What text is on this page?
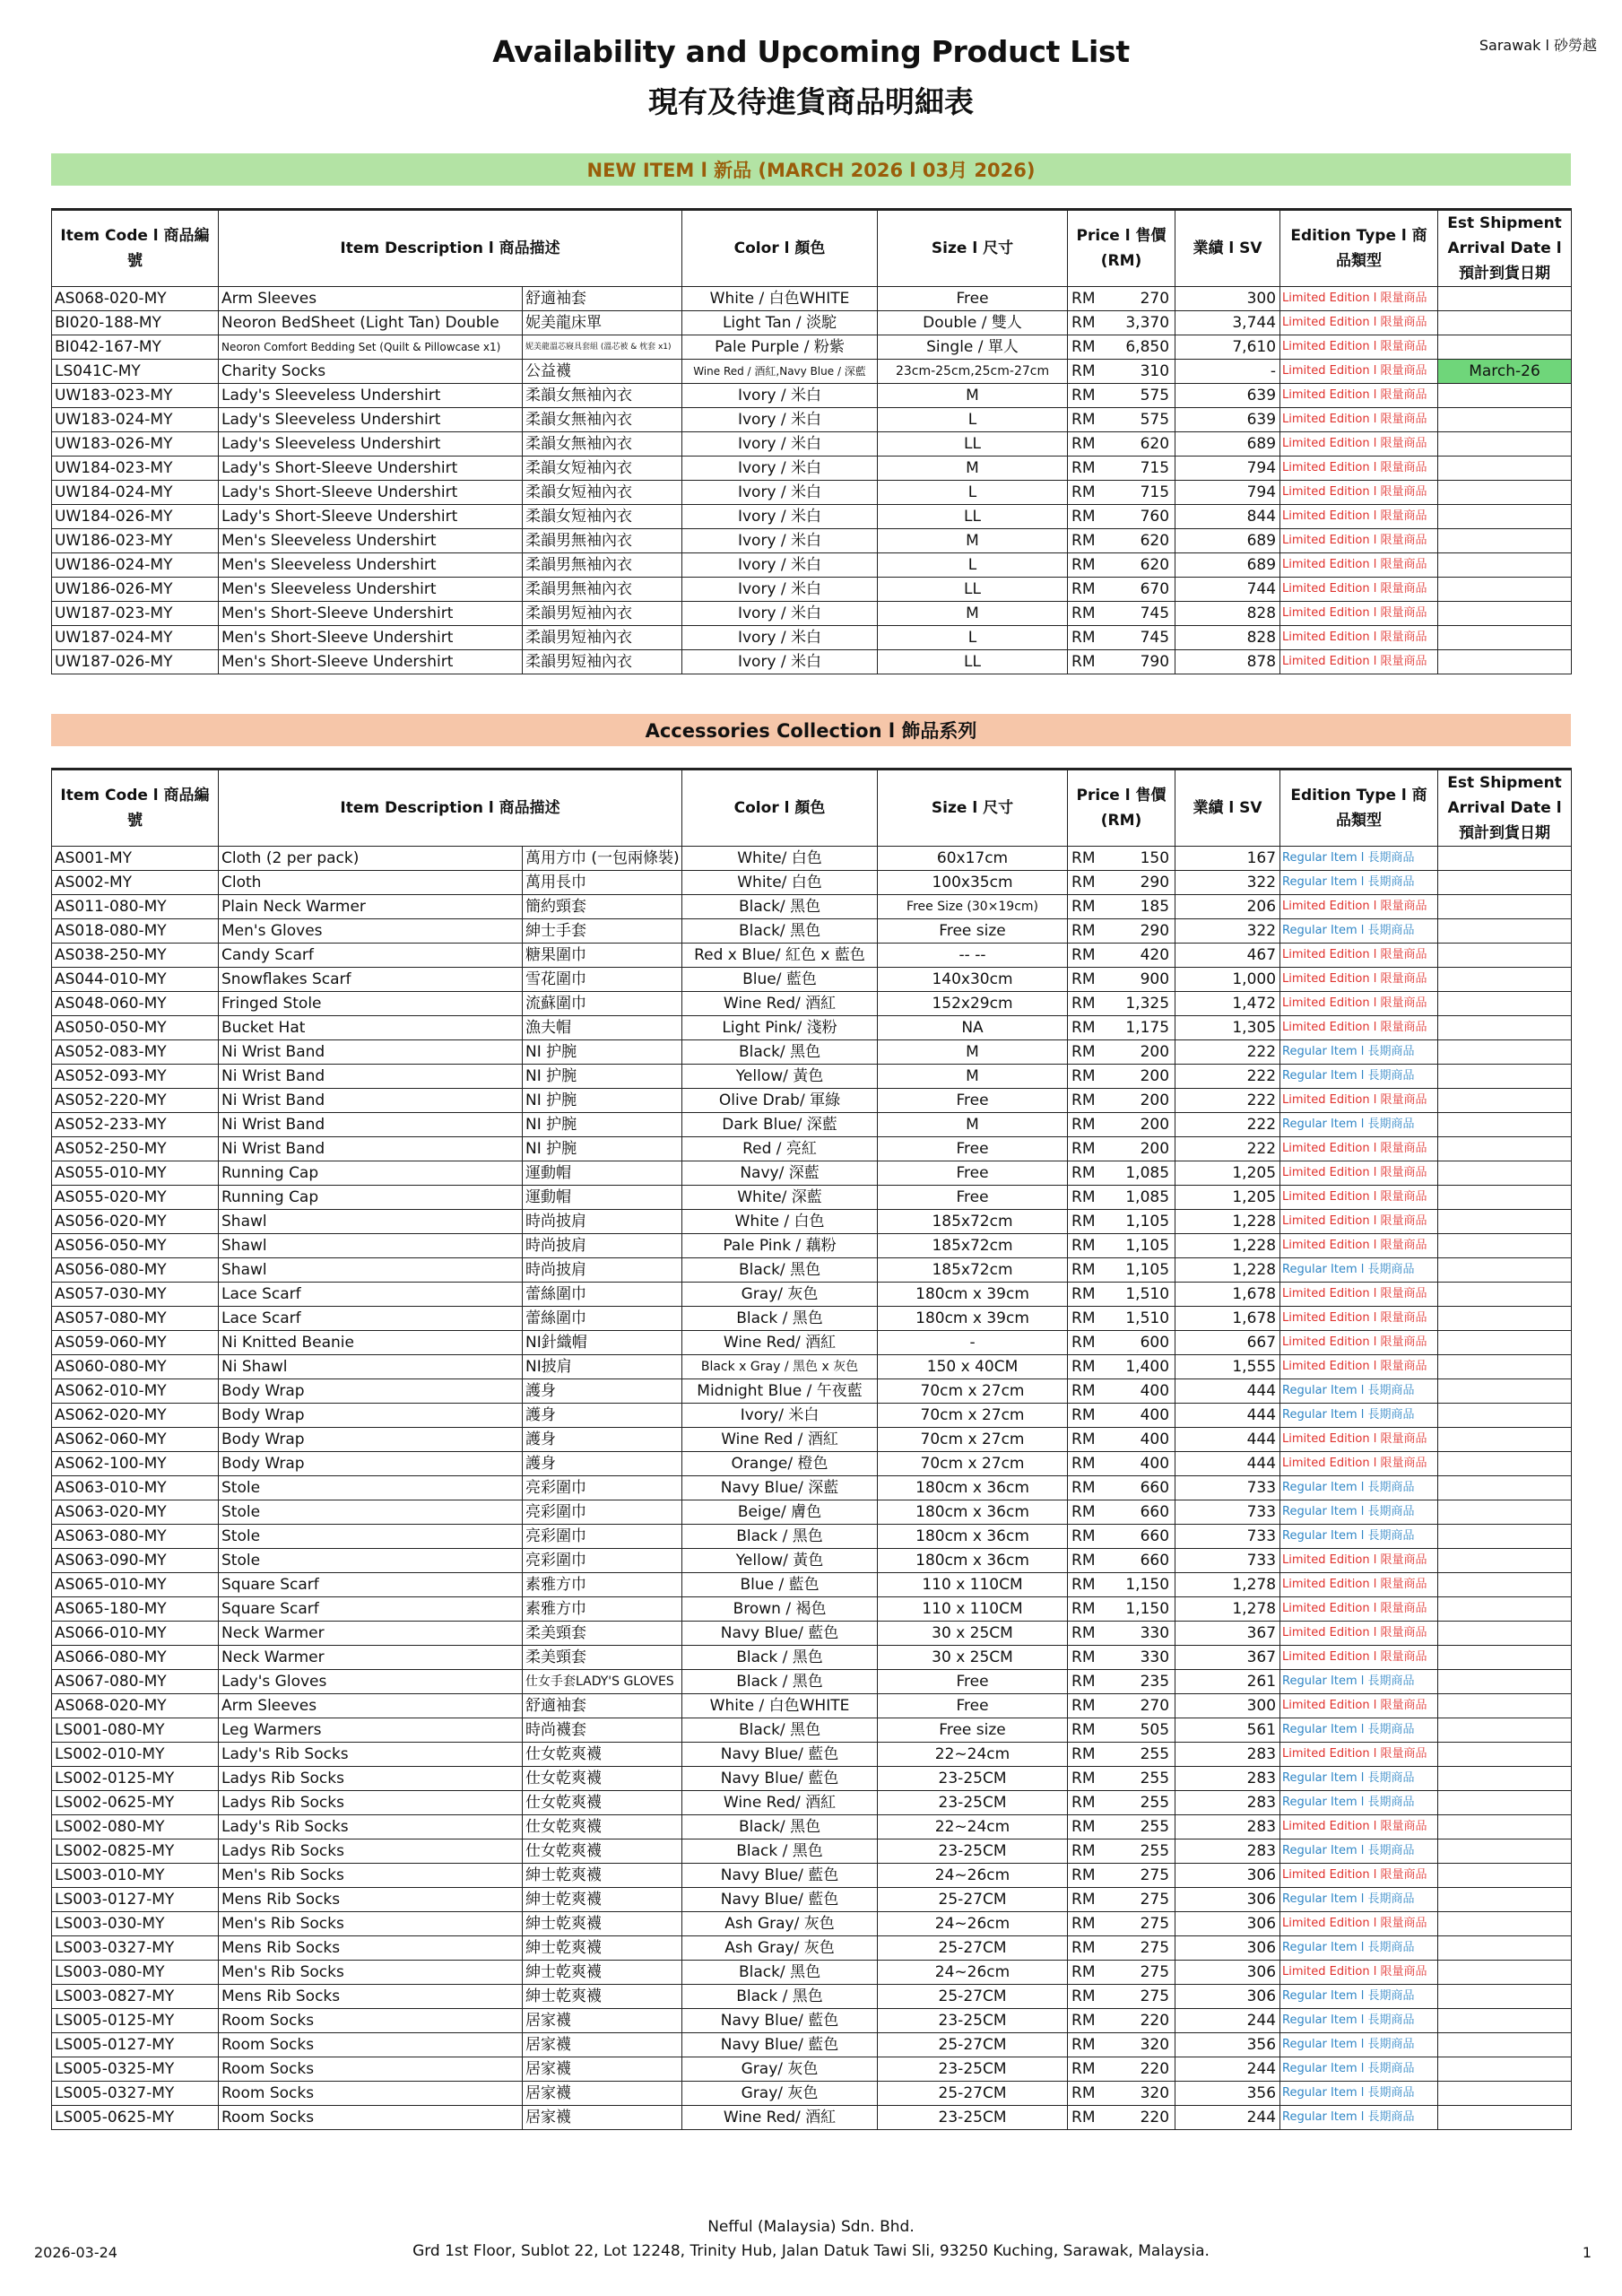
Availability and Upcoming Product List
現有及待進貨商品明細表
Sarawak l 砂勞越
NEW ITEM l 新品 (MARCH 2026 l 03月 2026)
Item Code l 商品編號	Item Description l 商品描述		Color l 顏色	Size l 尺寸	Price l 售價 (RM)	業績 l SV	Edition Type l 商品類型	Est Shipment Arrival Date l 預計到貨日期
AS068-020-MY	Arm Sleeves	舒適袖套	White / 白色WHITE	Free	RM 270	300	Limited Edition l 限量商品	
BI020-188-MY	Neoron BedSheet (Light Tan) Double	妮美龍床單	Light Tan / 淡駝	Double / 雙人	RM 3,370	3,744	Limited Edition l 限量商品	
BI042-167-MY	Neoron Comfort Bedding Set (Quilt & Pillowcase x1)	妮美龍溫芯寢具套組 (溫芯被 & 枕套 x1)	Pale Purple / 粉紫	Single / 單人	RM 6,850	7,610	Limited Edition l 限量商品	
LS041C-MY	Charity Socks	公益襪	Wine Red / 酒紅,Navy Blue / 深藍	23cm-25cm,25cm-27cm	RM 310	-	Limited Edition l 限量商品	March-26
UW183-023-MY	Lady's Sleeveless Undershirt	柔韻女無袖內衣	Ivory / 米白	M	RM 575	639	Limited Edition l 限量商品	
UW183-024-MY	Lady's Sleeveless Undershirt	柔韻女無袖內衣	Ivory / 米白	L	RM 575	639	Limited Edition l 限量商品	
UW183-026-MY	Lady's Sleeveless Undershirt	柔韻女無袖內衣	Ivory / 米白	LL	RM 620	689	Limited Edition l 限量商品	
UW184-023-MY	Lady's Short-Sleeve Undershirt	柔韻女短袖內衣	Ivory / 米白	M	RM 715	794	Limited Edition l 限量商品	
UW184-024-MY	Lady's Short-Sleeve Undershirt	柔韻女短袖內衣	Ivory / 米白	L	RM 715	794	Limited Edition l 限量商品	
UW184-026-MY	Lady's Short-Sleeve Undershirt	柔韻女短袖內衣	Ivory / 米白	LL	RM 760	844	Limited Edition l 限量商品	
UW186-023-MY	Men's Sleeveless Undershirt	柔韻男無袖內衣	Ivory / 米白	M	RM 620	689	Limited Edition l 限量商品	
UW186-024-MY	Men's Sleeveless Undershirt	柔韻男無袖內衣	Ivory / 米白	L	RM 620	689	Limited Edition l 限量商品	
UW186-026-MY	Men's Sleeveless Undershirt	柔韻男無袖內衣	Ivory / 米白	LL	RM 670	744	Limited Edition l 限量商品	
UW187-023-MY	Men's Short-Sleeve Undershirt	柔韻男短袖內衣	Ivory / 米白	M	RM 745	828	Limited Edition l 限量商品	
UW187-024-MY	Men's Short-Sleeve Undershirt	柔韻男短袖內衣	Ivory / 米白	L	RM 745	828	Limited Edition l 限量商品	
UW187-026-MY	Men's Short-Sleeve Undershirt	柔韻男短袖內衣	Ivory / 米白	LL	RM 790	878	Limited Edition l 限量商品	
Accessories Collection l 飾品系列
Item Code l 商品編號	Item Description l 商品描述		Color l 顏色	Size l 尺寸	Price l 售價 (RM)	業績 l SV	Edition Type l 商品類型	Est Shipment Arrival Date l 預計到貨日期
AS001-MY	Cloth (2 per pack)	萬用方巾 (一包兩條裝)	White/ 白色	60x17cm	RM 150	167	Regular Item l 長期商品	
AS002-MY	Cloth	萬用長巾	White/ 白色	100x35cm	RM 290	322	Regular Item l 長期商品	
AS011-080-MY	Plain Neck Warmer	簡約頸套	Black/ 黑色	Free Size (30×19cm)	RM 185	206	Limited Edition l 限量商品	
AS018-080-MY	Men's Gloves	紳士手套	Black/ 黑色	Free size	RM 290	322	Regular Item l 長期商品	
AS038-250-MY	Candy Scarf	糖果圍巾	Red x Blue/ 紅色 x 藍色	-- --	RM 420	467	Limited Edition l 限量商品	
AS044-010-MY	Snowflakes Scarf	雪花圍巾	Blue/ 藍色	140x30cm	RM 900	1,000	Limited Edition l 限量商品	
AS048-060-MY	Fringed Stole	流蘇圍巾	Wine Red/ 酒紅	152x29cm	RM 1,325	1,472	Limited Edition l 限量商品	
AS050-050-MY	Bucket Hat	漁夫帽	Light Pink/ 淺粉	NA	RM 1,175	1,305	Limited Edition l 限量商品	
AS052-083-MY	Ni Wrist Band	NI 护腕	Black/ 黑色	M	RM 200	222	Regular Item l 長期商品	
AS052-093-MY	Ni Wrist Band	NI 护腕	Yellow/ 黃色	M	RM 200	222	Regular Item l 長期商品	
AS052-220-MY	Ni Wrist Band	NI 护腕	Olive Drab/ 軍綠	Free	RM 200	222	Limited Edition l 限量商品	
AS052-233-MY	Ni Wrist Band	NI 护腕	Dark Blue/ 深藍	M	RM 200	222	Regular Item l 長期商品	
AS052-250-MY	Ni Wrist Band	NI 护腕	Red / 亮紅	Free	RM 200	222	Limited Edition l 限量商品	
AS055-010-MY	Running Cap	運動帽	Navy/ 深藍	Free	RM 1,085	1,205	Limited Edition l 限量商品	
AS055-020-MY	Running Cap	運動帽	White/ 深藍	Free	RM 1,085	1,205	Limited Edition l 限量商品	
AS056-020-MY	Shawl	時尚披肩	White / 白色	185x72cm	RM 1,105	1,228	Limited Edition l 限量商品	
AS056-050-MY	Shawl	時尚披肩	Pale Pink / 藕粉	185x72cm	RM 1,105	1,228	Limited Edition l 限量商品	
AS056-080-MY	Shawl	時尚披肩	Black/ 黑色	185x72cm	RM 1,105	1,228	Regular Item l 長期商品	
AS057-030-MY	Lace Scarf	蕾絲圍巾	Gray/ 灰色	180cm x 39cm	RM 1,510	1,678	Limited Edition l 限量商品	
AS057-080-MY	Lace Scarf	蕾絲圍巾	Black / 黑色	180cm x 39cm	RM 1,510	1,678	Limited Edition l 限量商品	
AS059-060-MY	Ni Knitted Beanie	NI針織帽	Wine Red/ 酒紅	-	RM 600	667	Limited Edition l 限量商品	
AS060-080-MY	Ni Shawl	NI披肩	Black x Gray / 黑色 x 灰色	150 x 40CM	RM 1,400	1,555	Limited Edition l 限量商品	
AS062-010-MY	Body Wrap	護身	Midnight Blue / 午夜藍	70cm x 27cm	RM 400	444	Regular Item l 長期商品	
AS062-020-MY	Body Wrap	護身	Ivory/ 米白	70cm x 27cm	RM 400	444	Regular Item l 長期商品	
AS062-060-MY	Body Wrap	護身	Wine Red / 酒紅	70cm x 27cm	RM 400	444	Limited Edition l 限量商品	
AS062-100-MY	Body Wrap	護身	Orange/ 橙色	70cm x 27cm	RM 400	444	Limited Edition l 限量商品	
AS063-010-MY	Stole	亮彩圍巾	Navy Blue/ 深藍	180cm x 36cm	RM 660	733	Regular Item l 長期商品	
AS063-020-MY	Stole	亮彩圍巾	Beige/ 膚色	180cm x 36cm	RM 660	733	Regular Item l 長期商品	
AS063-080-MY	Stole	亮彩圍巾	Black / 黑色	180cm x 36cm	RM 660	733	Regular Item l 長期商品	
AS063-090-MY	Stole	亮彩圍巾	Yellow/ 黃色	180cm x 36cm	RM 660	733	Limited Edition l 限量商品	
AS065-010-MY	Square Scarf	素雅方巾	Blue / 藍色	110 x 110CM	RM 1,150	1,278	Limited Edition l 限量商品	
AS065-180-MY	Square Scarf	素雅方巾	Brown / 褐色	110 x 110CM	RM 1,150	1,278	Limited Edition l 限量商品	
AS066-010-MY	Neck Warmer	柔美頸套	Navy Blue/ 藍色	30 x 25CM	RM 330	367	Limited Edition l 限量商品	
AS066-080-MY	Neck Warmer	柔美頸套	Black / 黑色	30 x 25CM	RM 330	367	Limited Edition l 限量商品	
AS067-080-MY	Lady's Gloves	仕女手套LADY'S GLOVES	Black / 黑色	Free	RM 235	261	Regular Item l 長期商品	
AS068-020-MY	Arm Sleeves	舒適袖套	White / 白色WHITE	Free	RM 270	300	Limited Edition l 限量商品	
LS001-080-MY	Leg Warmers	時尚襪套	Black/ 黑色	Free size	RM 505	561	Regular Item l 長期商品	
LS002-010-MY	Lady's Rib Socks	仕女乾爽襪	Navy Blue/ 藍色	22~24cm	RM 255	283	Limited Edition l 限量商品	
LS002-0125-MY	Ladys Rib Socks	仕女乾爽襪	Navy Blue/ 藍色	23-25CM	RM 255	283	Regular Item l 長期商品	
LS002-0625-MY	Ladys Rib Socks	仕女乾爽襪	Wine Red/ 酒紅	23-25CM	RM 255	283	Regular Item l 長期商品	
LS002-080-MY	Lady's Rib Socks	仕女乾爽襪	Black/ 黑色	22~24cm	RM 255	283	Limited Edition l 限量商品	
LS002-0825-MY	Ladys Rib Socks	仕女乾爽襪	Black / 黑色	23-25CM	RM 255	283	Regular Item l 長期商品	
LS003-010-MY	Men's Rib Socks	紳士乾爽襪	Navy Blue/ 藍色	24~26cm	RM 275	306	Limited Edition l 限量商品	
LS003-0127-MY	Mens Rib Socks	紳士乾爽襪	Navy Blue/ 藍色	25-27CM	RM 275	306	Regular Item l 長期商品	
LS003-030-MY	Men's Rib Socks	紳士乾爽襪	Ash Gray/ 灰色	24~26cm	RM 275	306	Limited Edition l 限量商品	
LS003-0327-MY	Mens Rib Socks	紳士乾爽襪	Ash Gray/ 灰色	25-27CM	RM 275	306	Regular Item l 長期商品	
LS003-080-MY	Men's Rib Socks	紳士乾爽襪	Black/ 黑色	24~26cm	RM 275	306	Limited Edition l 限量商品	
LS003-0827-MY	Mens Rib Socks	紳士乾爽襪	Black / 黑色	25-27CM	RM 275	306	Regular Item l 長期商品	
LS005-0125-MY	Room Socks	居家襪	Navy Blue/ 藍色	23-25CM	RM 220	244	Regular Item l 長期商品	
LS005-0127-MY	Room Socks	居家襪	Navy Blue/ 藍色	25-27CM	RM 320	356	Regular Item l 長期商品	
LS005-0325-MY	Room Socks	居家襪	Gray/ 灰色	23-25CM	RM 220	244	Regular Item l 長期商品	
LS005-0327-MY	Room Socks	居家襪	Gray/ 灰色	25-27CM	RM 320	356	Regular Item l 長期商品	
LS005-0625-MY	Room Socks	居家襪	Wine Red/ 酒紅	23-25CM	RM 220	244	Regular Item l 長期商品	
Nefful (Malaysia) Sdn. Bhd.
Grd 1st Floor, Sublot 22, Lot 12248, Trinity Hub, Jalan Datuk Tawi Sli, 93250 Kuching, Sarawak, Malaysia.
2026-03-24	1
